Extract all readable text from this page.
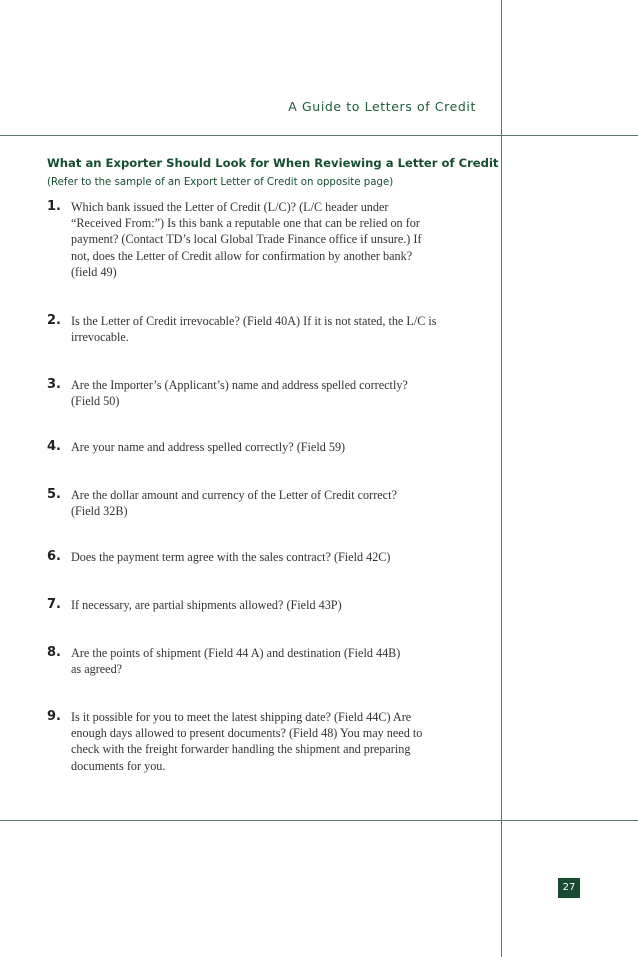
A Guide to Letters of Credit
What an Exporter Should Look for When Reviewing a Letter of Credit
(Refer to the sample of an Export Letter of Credit on opposite page)
1. Which bank issued the Letter of Credit (L/C)? (L/C header under
“Received From:”) Is this bank a reputable one that can be relied on for
payment? (Contact TD’s local Global Trade Finance office if unsure.) If
not, does the Letter of Credit allow for confirmation by another bank?
(field 49)
2. Is the Letter of Credit irrevocable? (Field 40A) If it is not stated, the L/C is
irrevocable.
3. Are the Importer’s (Applicant’s) name and address spelled correctly?
(Field 50)
4. Are your name and address spelled correctly? (Field 59)
5. Are the dollar amount and currency of the Letter of Credit correct?
(Field 32B)
6. Does the payment term agree with the sales contract? (Field 42C)
7. If necessary, are partial shipments allowed? (Field 43P)
8. Are the points of shipment (Field 44 A) and destination (Field 44B)
as agreed?
9. Is it possible for you to meet the latest shipping date? (Field 44C) Are
enough days allowed to present documents? (Field 48) You may need to
check with the freight forwarder handling the shipment and preparing
documents for you.
27
